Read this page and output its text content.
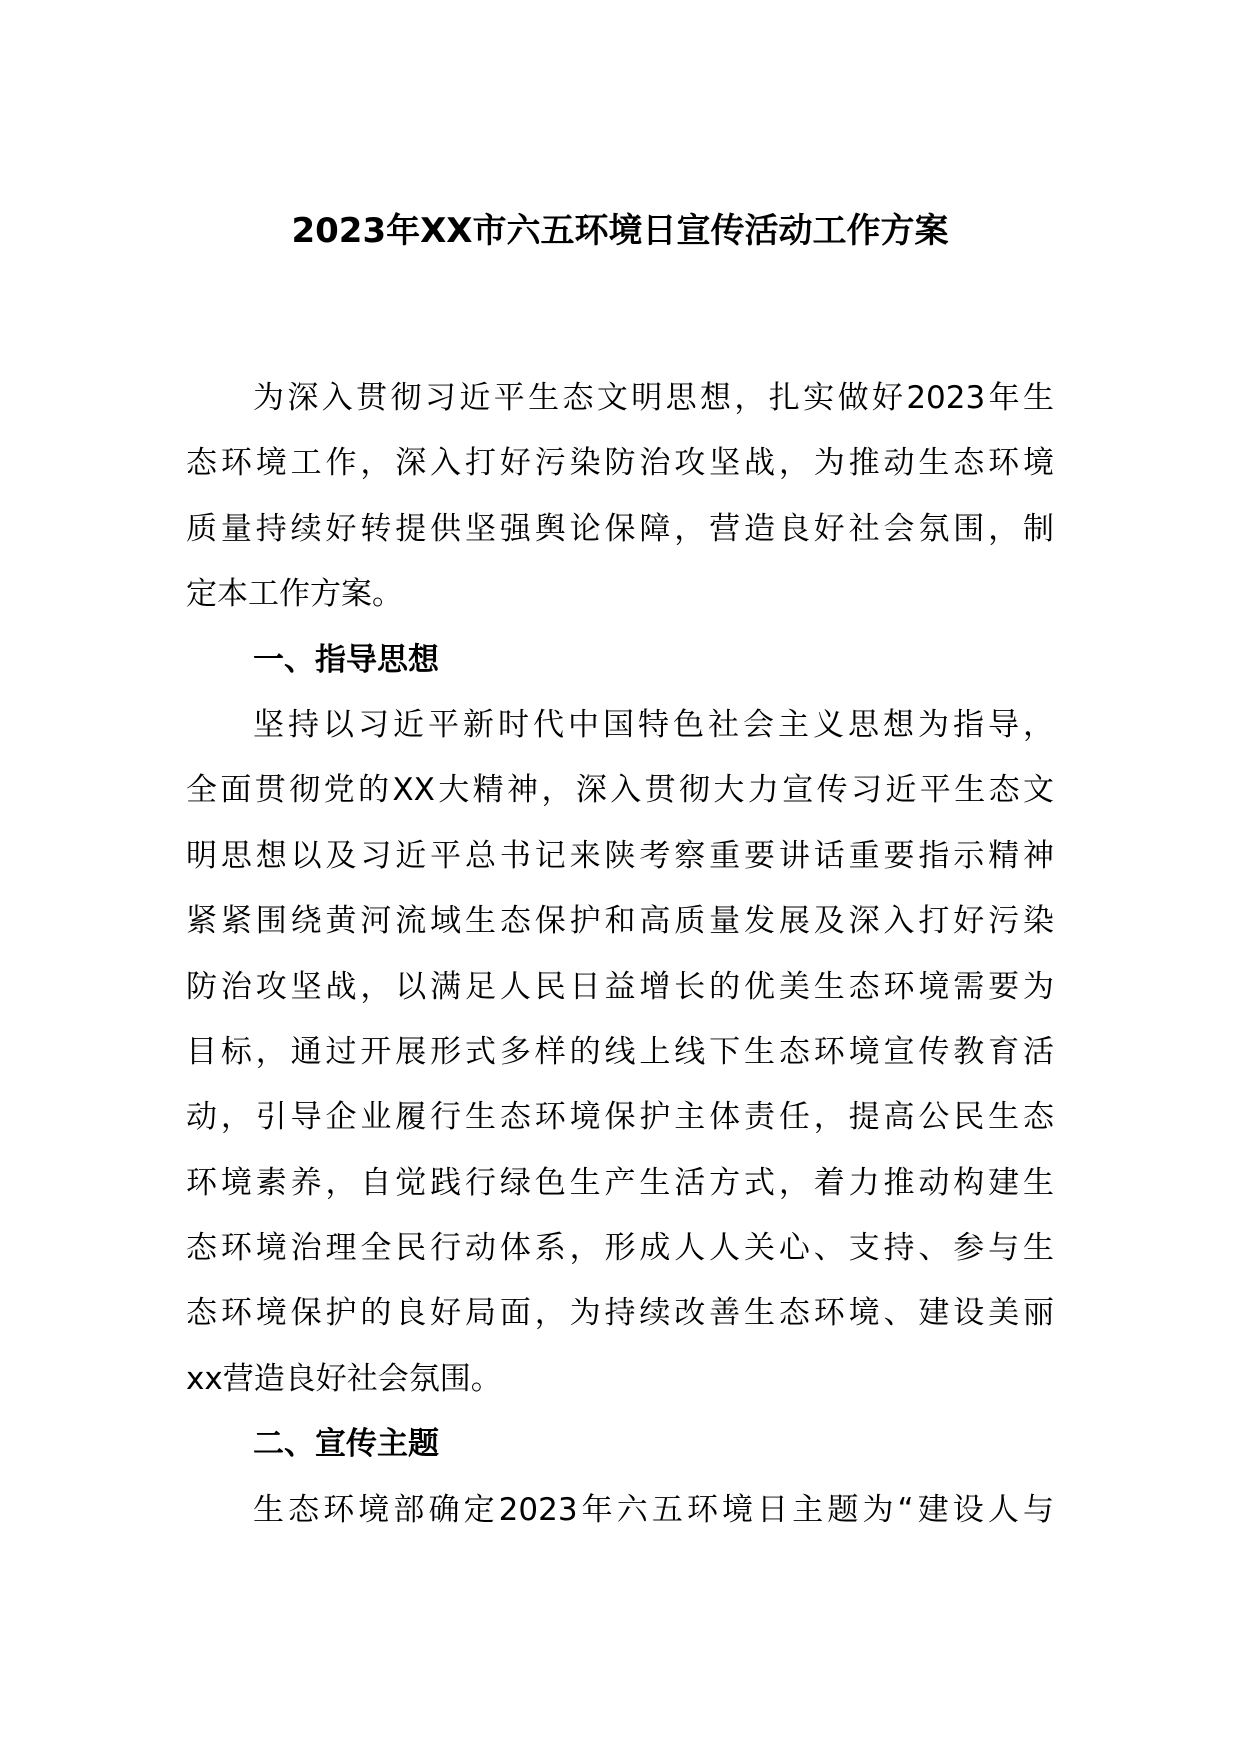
2023年XX市六五环境日宣传活动工作方案
为深入贯彻习近平生态文明思想，扎实做好2023年生
态环境工作，深入打好污染防治攻坚战，为推动生态环境
质量持续好转提供坚强舆论保障，营造良好社会氛围，制
定本工作方案。
一、指导思想
坚持以习近平新时代中国特色社会主义思想为指导，
全面贯彻党的XX大精神，深入贯彻大力宣传习近平生态文
明思想以及习近平总书记来陕考察重要讲话重要指示精神
紧紧围绕黄河流域生态保护和高质量发展及深入打好污染
防治攻坚战，以满足人民日益增长的优美生态环境需要为
目标，通过开展形式多样的线上线下生态环境宣传教育活
动，引导企业履行生态环境保护主体责任，提高公民生态
环境素养，自觉践行绿色生产生活方式，着力推动构建生
态环境治理全民行动体系，形成人人关心、支持、参与生
态环境保护的良好局面，为持续改善生态环境、建设美丽
xx营造良好社会氛围。
二、宣传主题
生态环境部确定2023年六五环境日主题为“建设人与
